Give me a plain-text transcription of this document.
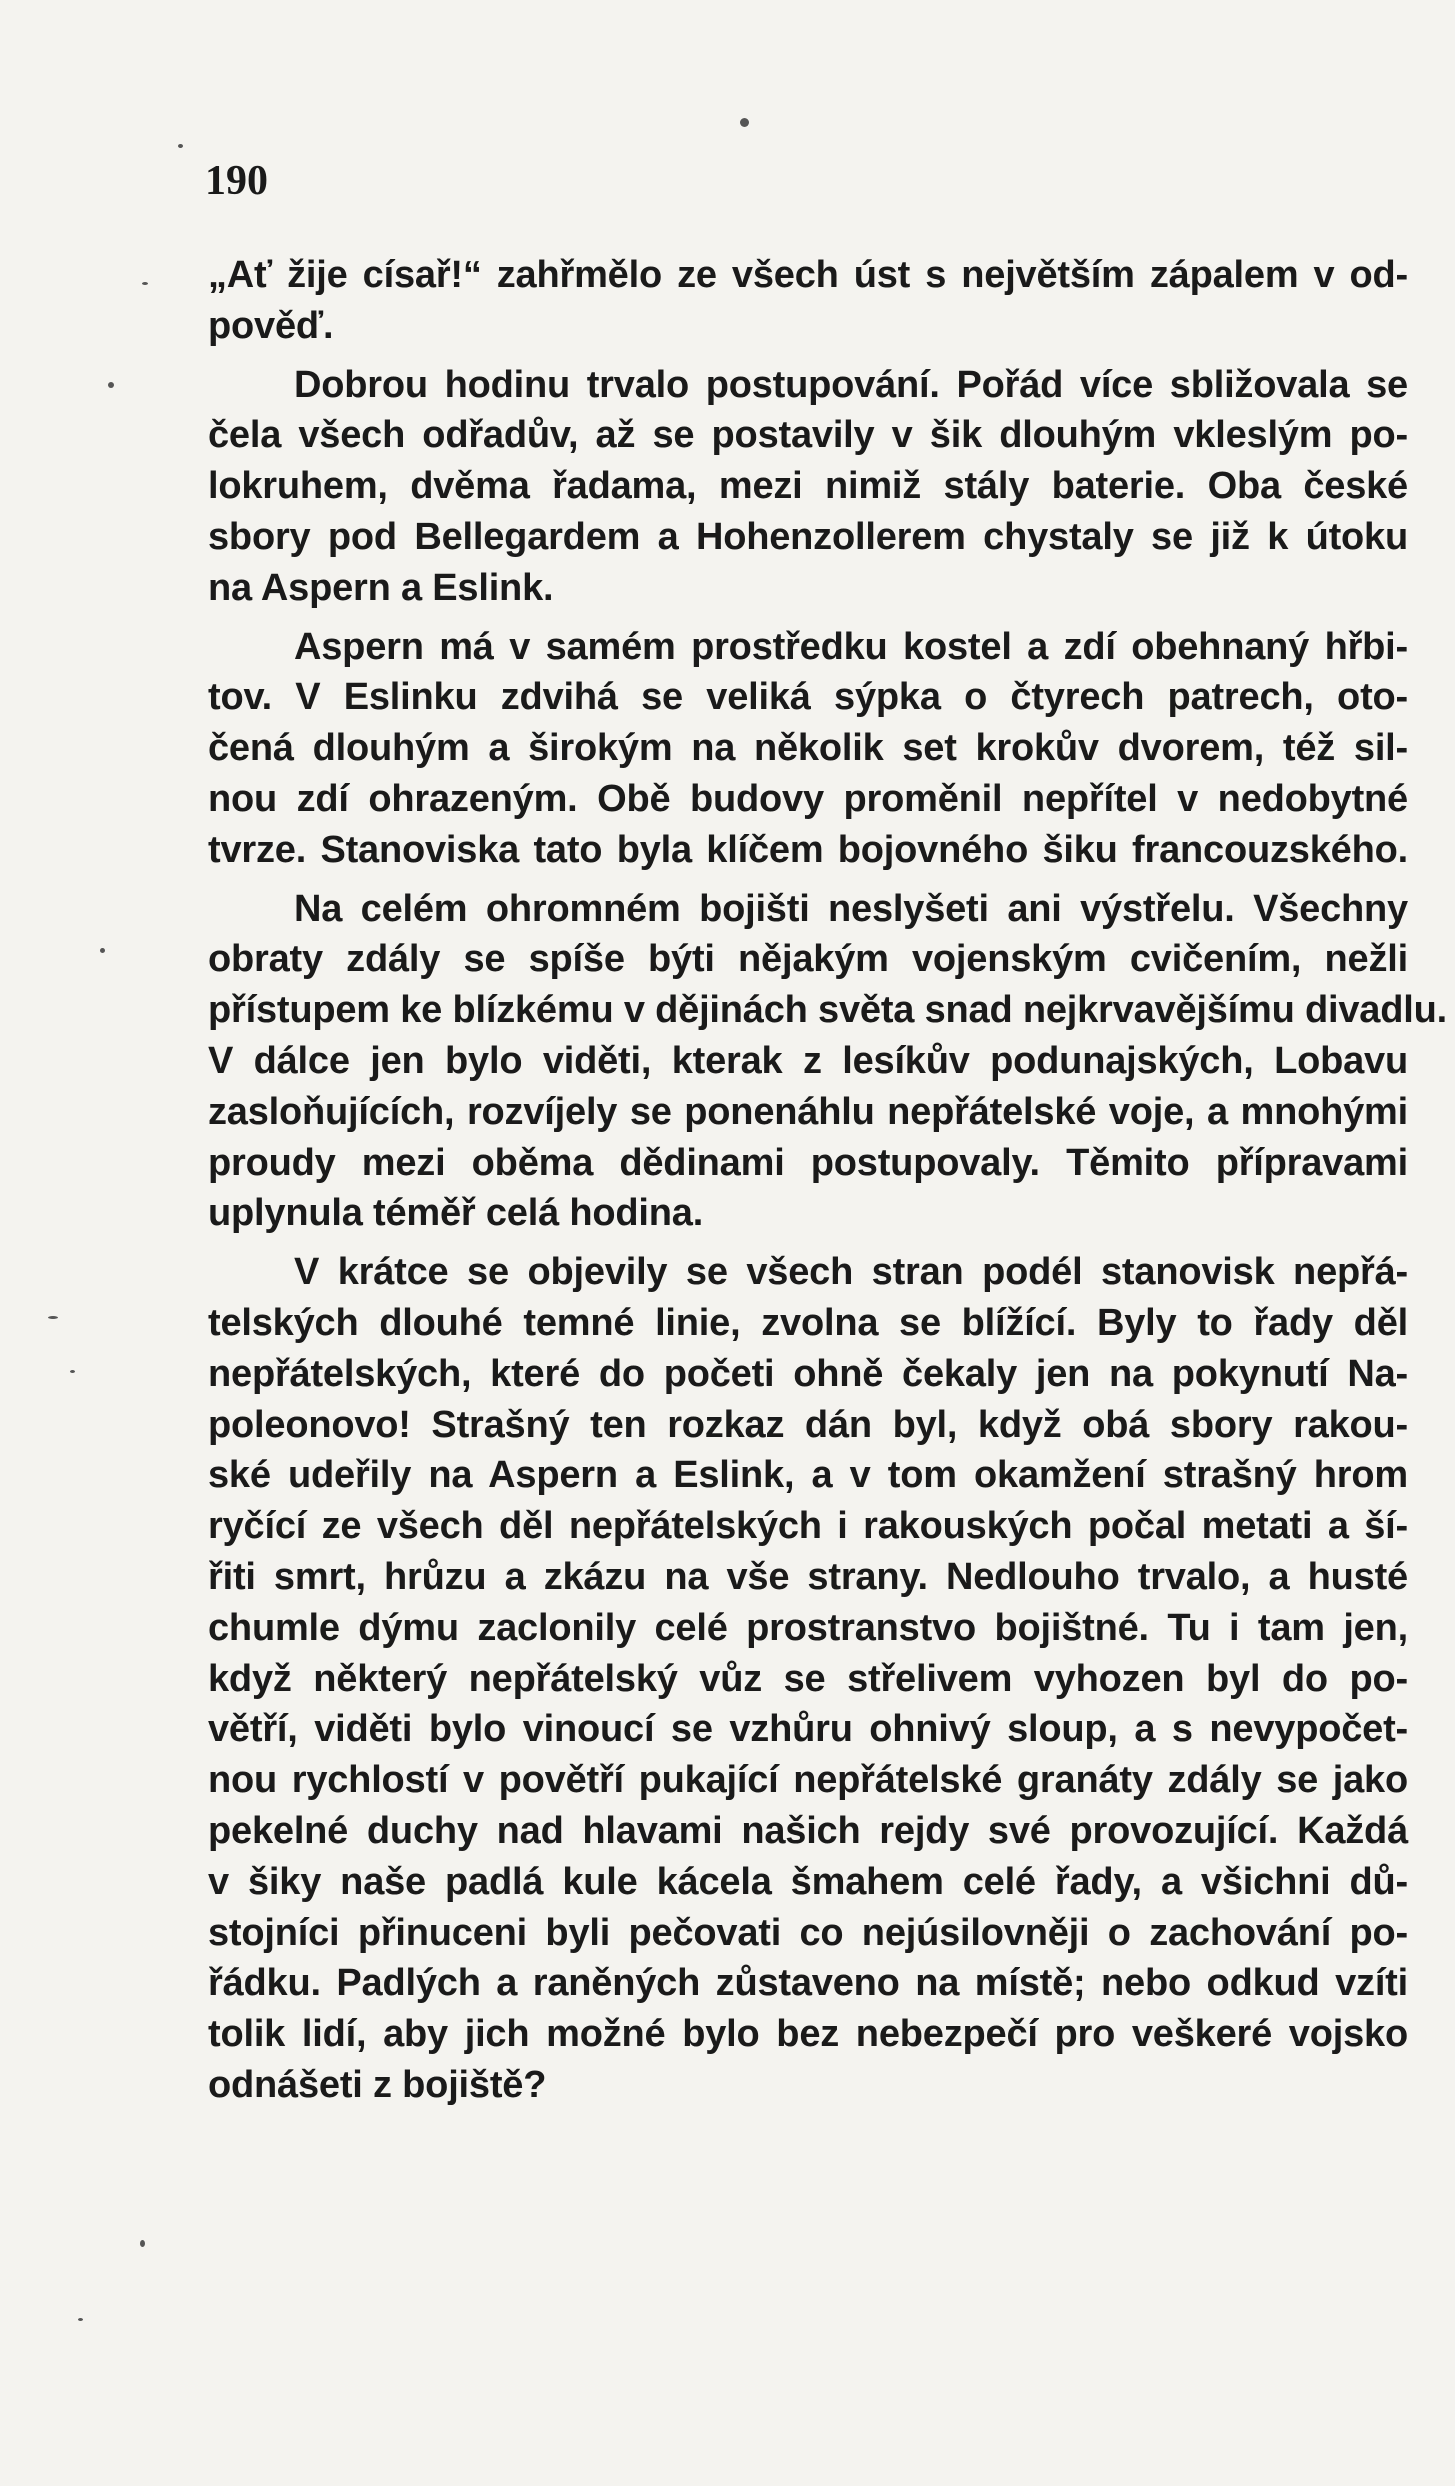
190
„Ať žije císař!“ zahřmělo ze všech úst s největším zápalem v od-
pověď.
Dobrou hodinu trvalo postupování. Pořád více sbližovala se
čela všech odřadův, až se postavily v šik dlouhým vkleslým po-
lokruhem, dvěma řadama, mezi nimiž stály baterie. Oba české
sbory pod Bellegardem a Hohenzollerem chystaly se již k útoku
na Aspern a Eslink.
Aspern má v samém prostředku kostel a zdí obehnaný hřbi-
tov. V Eslinku zdvihá se veliká sýpka o čtyrech patrech, oto-
čená dlouhým a širokým na několik set krokův dvorem, též sil-
nou zdí ohrazeným. Obě budovy proměnil nepřítel v nedobytné
tvrze. Stanoviska tato byla klíčem bojovného šiku francouzského.
Na celém ohromném bojišti neslyšeti ani výstřelu. Všechny
obraty zdály se spíše býti nějakým vojenským cvičením, nežli
přístupem ke blízkému v dějinách světa snad nejkrvavějšímu divadlu.
V dálce jen bylo viděti, kterak z lesíkův podunajských, Lobavu
zasloňujících, rozvíjely se ponenáhlu nepřátelské voje, a mnohými
proudy mezi oběma dědinami postupovaly. Těmito přípravami
uplynula téměř celá hodina.
V krátce se objevily se všech stran podél stanovisk nepřá-
telských dlouhé temné linie, zvolna se blížící. Byly to řady děl
nepřátelských, které do početi ohně čekaly jen na pokynutí Na-
poleonovo! Strašný ten rozkaz dán byl, když obá sbory rakou-
ské udeřily na Aspern a Eslink, a v tom okamžení strašný hrom
ryčící ze všech děl nepřátelských i rakouských počal metati a ší-
řiti smrt, hrůzu a zkázu na vše strany. Nedlouho trvalo, a husté
chumle dýmu zaclonily celé prostranstvo bojištné. Tu i tam jen,
když některý nepřátelský vůz se střelivem vyhozen byl do po-
větří, viděti bylo vinoucí se vzhůru ohnivý sloup, a s nevypočet-
nou rychlostí v povětří pukající nepřátelské granáty zdály se jako
pekelné duchy nad hlavami našich rejdy své provozující. Každá
v šiky naše padlá kule kácela šmahem celé řady, a všichni dů-
stojníci přinuceni byli pečovati co nejúsilovněji o zachování po-
řádku. Padlých a raněných zůstaveno na místě; nebo odkud vzíti
tolik lidí, aby jich možné bylo bez nebezpečí pro veškeré vojsko
odnášeti z bojiště?
